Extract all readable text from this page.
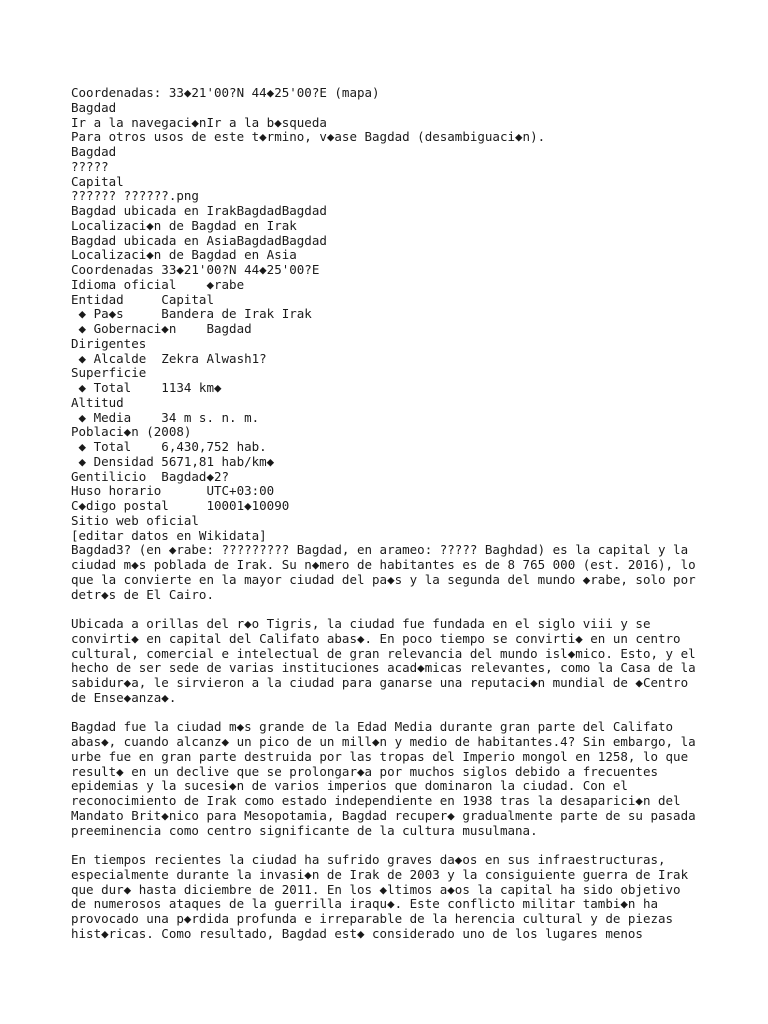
Coordenadas: 33◆21'00?N 44◆25'00?E (mapa)
Bagdad
Ir a la navegaci◆nIr a la b◆squeda
Para otros usos de este t◆rmino, v◆ase Bagdad (desambiguaci◆n).
Bagdad
?????
Capital
?????? ??????.png
Bagdad ubicada en IrakBagdadBagdad
Localizaci◆n de Bagdad en Irak
Bagdad ubicada en AsiaBagdadBagdad
Localizaci◆n de Bagdad en Asia
Coordenadas 33◆21'00?N 44◆25'00?E
Idioma oficial    ◆rabe
Entidad     Capital
◆ Pa◆s     Bandera de Irak Irak
◆ Gobernaci◆n    Bagdad
Dirigentes
◆ Alcalde  Zekra Alwash1?
Superficie
◆ Total    1134 km◆
Altitud
◆ Media    34 m s. n. m.
Poblaci◆n (2008)
◆ Total    6,430,752 hab.
◆ Densidad 5671,81 hab/km◆
Gentilicio  Bagdad◆2?
Huso horario      UTC+03:00
C◆digo postal     10001◆10090
Sitio web oficial
[editar datos en Wikidata]
Bagdad3? (en ◆rabe: ????????? Bagdad, en arameo: ????? Baghdad) es la capital y la
ciudad m◆s poblada de Irak. Su n◆mero de habitantes es de 8 765 000 (est. 2016), lo
que la convierte en la mayor ciudad del pa◆s y la segunda del mundo ◆rabe, solo por
detr◆s de El Cairo.
Ubicada a orillas del r◆o Tigris, la ciudad fue fundada en el siglo viii y se
convirti◆ en capital del Califato abas◆. En poco tiempo se convirti◆ en un centro
cultural, comercial e intelectual de gran relevancia del mundo isl◆mico. Esto, y el
hecho de ser sede de varias instituciones acad◆micas relevantes, como la Casa de la
sabidur◆a, le sirvieron a la ciudad para ganarse una reputaci◆n mundial de ◆Centro
de Ense◆anza◆.
Bagdad fue la ciudad m◆s grande de la Edad Media durante gran parte del Califato
abas◆, cuando alcanz◆ un pico de un mill◆n y medio de habitantes.4? Sin embargo, la
urbe fue en gran parte destruida por las tropas del Imperio mongol en 1258, lo que
result◆ en un declive que se prolongar◆a por muchos siglos debido a frecuentes
epidemias y la sucesi◆n de varios imperios que dominaron la ciudad. Con el
reconocimiento de Irak como estado independiente en 1938 tras la desaparici◆n del
Mandato Brit◆nico para Mesopotamia, Bagdad recuper◆ gradualmente parte de su pasada
preeminencia como centro significante de la cultura musulmana.
En tiempos recientes la ciudad ha sufrido graves da◆os en sus infraestructuras,
especialmente durante la invasi◆n de Irak de 2003 y la consiguiente guerra de Irak
que dur◆ hasta diciembre de 2011. En los ◆ltimos a◆os la capital ha sido objetivo
de numerosos ataques de la guerrilla iraqu◆. Este conflicto militar tambi◆n ha
provocado una p◆rdida profunda e irreparable de la herencia cultural y de piezas
hist◆ricas. Como resultado, Bagdad est◆ considerado uno de los lugares menos
